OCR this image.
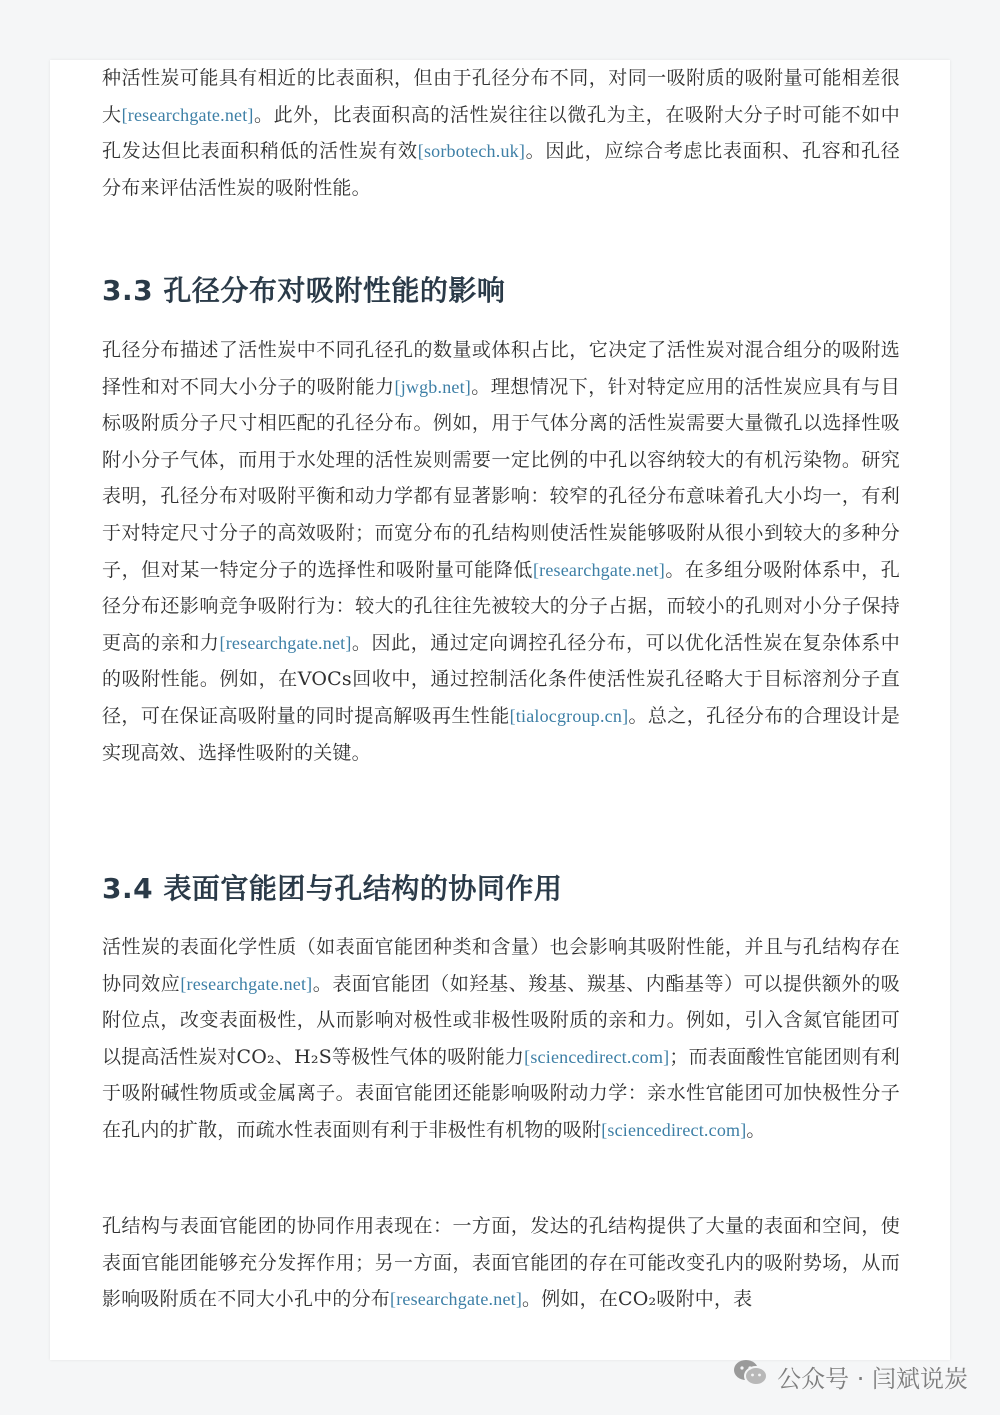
种活性炭可能具有相近的比表面积，但由于孔径分布不同，对同一吸附质的吸附量可能相差很大[researchgate.net]。此外，比表面积高的活性炭往往以微孔为主，在吸附大分子时可能不如中孔发达但比表面积稍低的活性炭有效[sorbotech.uk]。因此，应综合考虑比表面积、孔容和孔径分布来评估活性炭的吸附性能。

3.3 孔径分布对吸附性能的影响

孔径分布描述了活性炭中不同孔径孔的数量或体积占比，它决定了活性炭对混合组分的吸附选择性和对不同大小分子的吸附能力[jwgb.net]。理想情况下，针对特定应用的活性炭应具有与目标吸附质分子尺寸相匹配的孔径分布。例如，用于气体分离的活性炭需要大量微孔以选择性吸附小分子气体，而用于水处理的活性炭则需要一定比例的中孔以容纳较大的有机污染物。研究表明，孔径分布对吸附平衡和动力学都有显著影响：较窄的孔径分布意味着孔大小均一，有利于对特定尺寸分子的高效吸附；而宽分布的孔结构则使活性炭能够吸附从很小到较大的多种分子，但对某一特定分子的选择性和吸附量可能降低[researchgate.net]。在多组分吸附体系中，孔径分布还影响竞争吸附行为：较大的孔往往先被较大的分子占据，而较小的孔则对小分子保持更高的亲和力[researchgate.net]。因此，通过定向调控孔径分布，可以优化活性炭在复杂体系中的吸附性能。例如，在VOCs回收中，通过控制活化条件使活性炭孔径略大于目标溶剂分子直径，可在保证高吸附量的同时提高解吸再生性能[tialocgroup.cn]。总之，孔径分布的合理设计是实现高效、选择性吸附的关键。

3.4 表面官能团与孔结构的协同作用

活性炭的表面化学性质（如表面官能团种类和含量）也会影响其吸附性能，并且与孔结构存在协同效应[researchgate.net]。表面官能团（如羟基、羧基、羰基、内酯基等）可以提供额外的吸附位点，改变表面极性，从而影响对极性或非极性吸附质的亲和力。例如，引入含氮官能团可以提高活性炭对CO₂、H₂S等极性气体的吸附能力[sciencedirect.com]；而表面酸性官能团则有利于吸附碱性物质或金属离子。表面官能团还能影响吸附动力学：亲水性官能团可加快极性分子在孔内的扩散，而疏水性表面则有利于非极性有机物的吸附[sciencedirect.com]。

孔结构与表面官能团的协同作用表现在：一方面，发达的孔结构提供了大量的表面和空间，使表面官能团能够充分发挥作用；另一方面，表面官能团的存在可能改变孔内的吸附势场，从而影响吸附质在不同大小孔中的分布[researchgate.net]。例如，在CO₂吸附中，表

公众号 · 闫斌说炭
